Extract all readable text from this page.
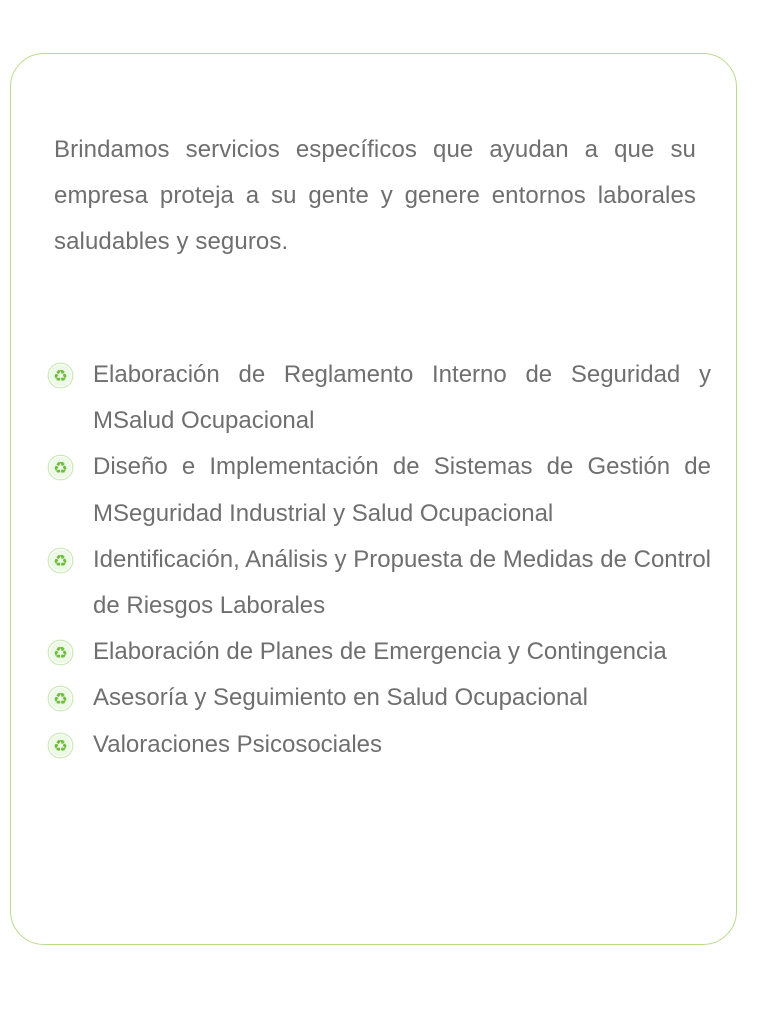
Brindamos servicios específicos que ayudan a que su empresa proteja a su gente y genere entornos laborales saludables y seguros.

♻ Elaboración de Reglamento Interno de Seguridad y MSalud Ocupacional
♻ Diseño e Implementación de Sistemas de Gestión de MSeguridad Industrial y Salud Ocupacional
♻ Identificación, Análisis y Propuesta de Medidas de Control de Riesgos Laborales
♻ Elaboración de Planes de Emergencia y Contingencia
♻ Asesoría y Seguimiento en Salud Ocupacional
♻ Valoraciones Psicosociales
